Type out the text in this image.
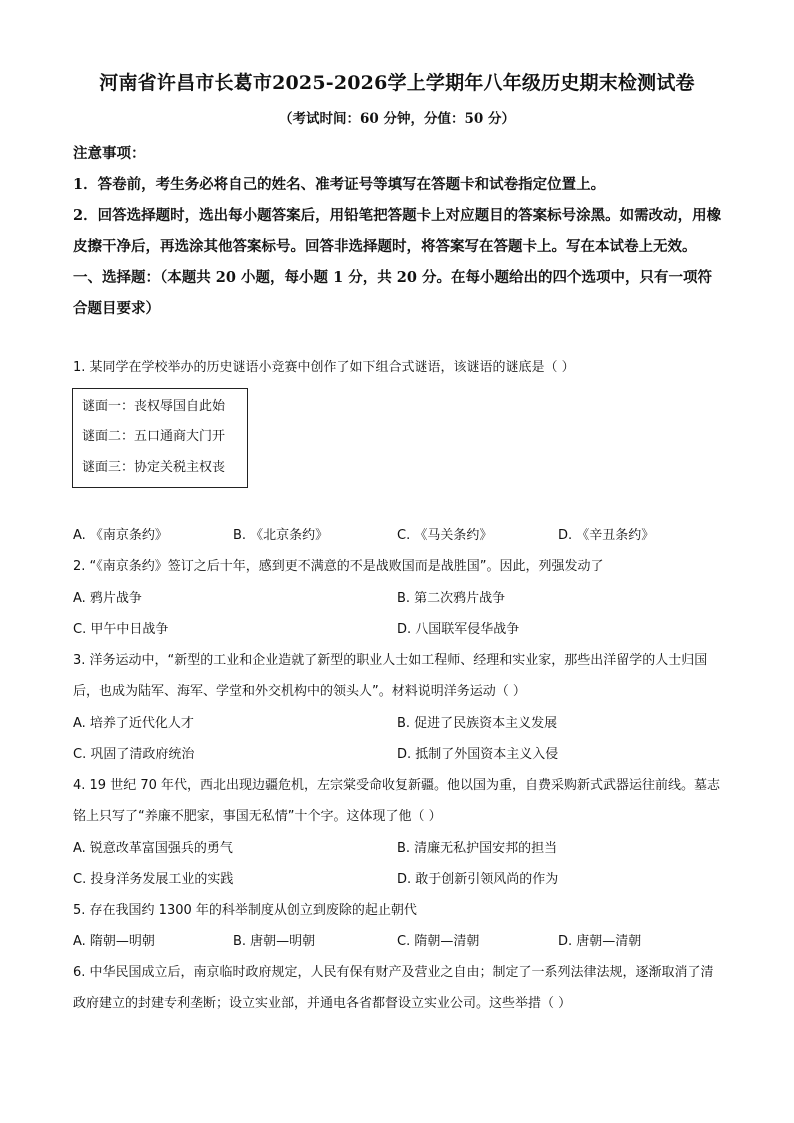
河南省许昌市长葛市2025-2026学上学期年八年级历史期末检测试卷
（考试时间：60 分钟，分值：50 分）

注意事项：

1．答卷前，考生务必将自己的姓名、准考证号等填写在答题卡和试卷指定位置上。

2．回答选择题时，选出每小题答案后，用铅笔把答题卡上对应题目的答案标号涂黑。如需改动，用橡皮擦干净后，再选涂其他答案标号。回答非选择题时，将答案写在答题卡上。写在本试卷上无效。

一、选择题：（本题共 20 小题，每小题 1 分，共 20 分。在每小题给出的四个选项中，只有一项符合题目要求）

1. 某同学在学校举办的历史谜语小竞赛中创作了如下组合式谜语，该谜语的谜底是（ ）

谜面一：丧权辱国自此始
谜面二：五口通商大门开
谜面三：协定关税主权丧
A. 《南京条约》	B. 《北京条约》	C. 《马关条约》	D. 《辛丑条约》

2. “《南京条约》签订之后十年，感到更不满意的不是战败国而是战胜国”。因此，列强发动了

A. 鸦片战争	B. 第二次鸦片战争
C. 甲午中日战争	D. 八国联军侵华战争

3. 洋务运动中，“新型的工业和企业造就了新型的职业人士如工程师、经理和实业家，那些出洋留学的人士归国后，也成为陆军、海军、学堂和外交机构中的领头人”。材料说明洋务运动（ ）

A. 培养了近代化人才	B. 促进了民族资本主义发展
C. 巩固了清政府统治	D. 抵制了外国资本主义入侵

4. 19 世纪 70 年代，西北出现边疆危机，左宗棠受命收复新疆。他以国为重，自费采购新式武器运往前线。墓志铭上只写了“养廉不肥家，事国无私情”十个字。这体现了他（ ）

A. 锐意改革富国强兵的勇气	B. 清廉无私护国安邦的担当
C. 投身洋务发展工业的实践	D. 敢于创新引领风尚的作为

5. 存在我国约 1300 年的科举制度从创立到废除的起止朝代

A. 隋朝—明朝	B. 唐朝—明朝	C. 隋朝—清朝	D. 唐朝—清朝

6. 中华民国成立后，南京临时政府规定，人民有保有财产及营业之自由；制定了一系列法律法规，逐渐取消了清政府建立的封建专利垄断；设立实业部，并通电各省都督设立实业公司。这些举措（ ）
